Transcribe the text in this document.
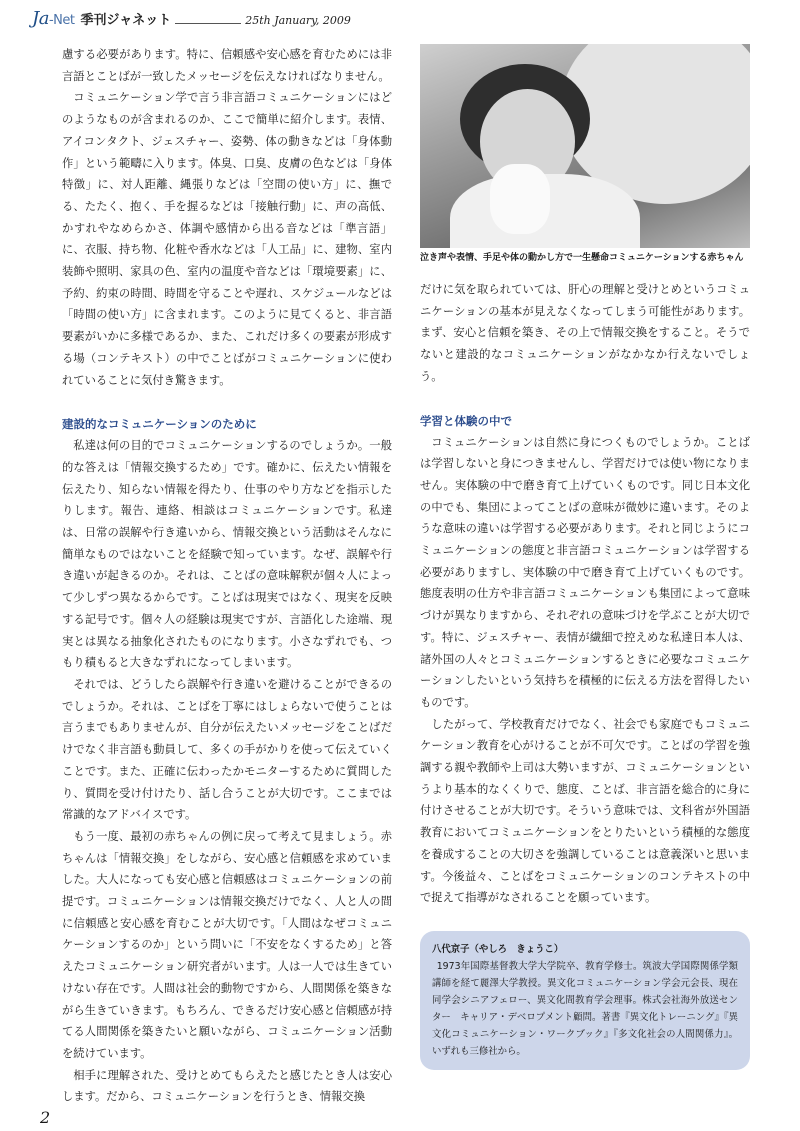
Ja-Net 季刊ジャネット	25th January, 2009

慮する必要があります。特に、信頼感や安心感を育むためには非言語とことばが一致したメッセージを伝えなければなりません。

コミュニケーション学で言う非言語コミュニケーションにはどのようなものが含まれるのか、ここで簡単に紹介します。表情、アイコンタクト、ジェスチャー、姿勢、体の動きなどは「身体動作」という範疇に入ります。体臭、口臭、皮膚の色などは「身体特徴」に、対人距離、縄張りなどは「空間の使い方」に、撫でる、たたく、抱く、手を握るなどは「接触行動」に、声の高低、かすれやなめらかさ、体調や感情から出る音などは「準言語」に、衣服、持ち物、化粧や香水などは「人工品」に、建物、室内装飾や照明、家具の色、室内の温度や音などは「環境要素」に、予約、約束の時間、時間を守ることや遅れ、スケジュールなどは「時間の使い方」に含まれます。このように見てくると、非言語要素がいかに多様であるか、また、これだけ多くの要素が形成する場（コンテキスト）の中でことばがコミュニケーションに使われていることに気付き驚きます。

建設的なコミュニケーションのために

私達は何の目的でコミュニケーションするのでしょうか。一般的な答えは「情報交換するため」です。確かに、伝えたい情報を伝えたり、知らない情報を得たり、仕事のやり方などを指示したりします。報告、連絡、相談はコミュニケーションです。私達は、日常の誤解や行き違いから、情報交換という活動はそんなに簡単なものではないことを経験で知っています。なぜ、誤解や行き違いが起きるのか。それは、ことばの意味解釈が個々人によって少しずつ異なるからです。ことばは現実ではなく、現実を反映する記号です。個々人の経験は現実ですが、言語化した途端、現実とは異なる抽象化されたものになります。小さなずれでも、つもり積もると大きなずれになってしまいます。

それでは、どうしたら誤解や行き違いを避けることができるのでしょうか。それは、ことばを丁寧にはしょらないで使うことは言うまでもありませんが、自分が伝えたいメッセージをことばだけでなく非言語も動員して、多くの手がかりを使って伝えていくことです。また、正確に伝わったかモニターするために質問したり、質問を受け付けたり、話し合うことが大切です。ここまでは常識的なアドバイスです。

もう一度、最初の赤ちゃんの例に戻って考えて見ましょう。赤ちゃんは「情報交換」をしながら、安心感と信頼感を求めていました。大人になっても安心感と信頼感はコミュニケーションの前提です。コミュニケーションは情報交換だけでなく、人と人の間に信頼感と安心感を育むことが大切です。「人間はなぜコミュニケーションするのか」という問いに「不安をなくするため」と答えたコミュニケーション研究者がいます。人は一人では生きていけない存在です。人間は社会的動物ですから、人間関係を築きながら生きていきます。もちろん、できるだけ安心感と信頼感が持てる人間関係を築きたいと願いながら、コミュニケーション活動を続けています。

相手に理解された、受けとめてもらえたと感じたとき人は安心します。だから、コミュニケーションを行うとき、情報交換

泣き声や表情、手足や体の動かし方で一生懸命コミュニケーションする赤ちゃん

だけに気を取られていては、肝心の理解と受けとめというコミュニケーションの基本が見えなくなってしまう可能性があります。まず、安心と信頼を築き、その上で情報交換をすること。そうでないと建設的なコミュニケーションがなかなか行えないでしょう。

学習と体験の中で

コミュニケーションは自然に身につくものでしょうか。ことばは学習しないと身につきませんし、学習だけでは使い物になりません。実体験の中で磨き育て上げていくものです。同じ日本文化の中でも、集団によってことばの意味が微妙に違います。そのような意味の違いは学習する必要があります。それと同じようにコミュニケーションの態度と非言語コミュニケーションは学習する必要がありますし、実体験の中で磨き育て上げていくものです。態度表明の仕方や非言語コミュニケーションも集団によって意味づけが異なりますから、それぞれの意味づけを学ぶことが大切です。特に、ジェスチャー、表情が繊細で控えめな私達日本人は、諸外国の人々とコミュニケーションするときに必要なコミュニケーションしたいという気持ちを積極的に伝える方法を習得したいものです。

したがって、学校教育だけでなく、社会でも家庭でもコミュニケーション教育を心がけることが不可欠です。ことばの学習を強調する親や教師や上司は大勢いますが、コミュニケーションというより基本的なくくりで、態度、ことば、非言語を総合的に身に付けさせることが大切です。そういう意味では、文科省が外国語教育においてコミュニケーションをとりたいという積極的な態度を養成することの大切さを強調していることは意義深いと思います。今後益々、ことばをコミュニケーションのコンテキストの中で捉えて指導がなされることを願っています。

八代京子（やしろ　きょうこ）
1973年国際基督教大学大学院卒、教育学修士。筑波大学国際関係学類講師を経て麗澤大学教授。異文化コミュニケーション学会元会長、現在同学会シニアフェロー、異文化間教育学会理事。株式会社海外放送センター　キャリア・デベロプメント顧問。著書『異文化トレーニング』『異文化コミュニケーション・ワークブック』『多文化社会の人間関係力』。いずれも三修社から。
2
